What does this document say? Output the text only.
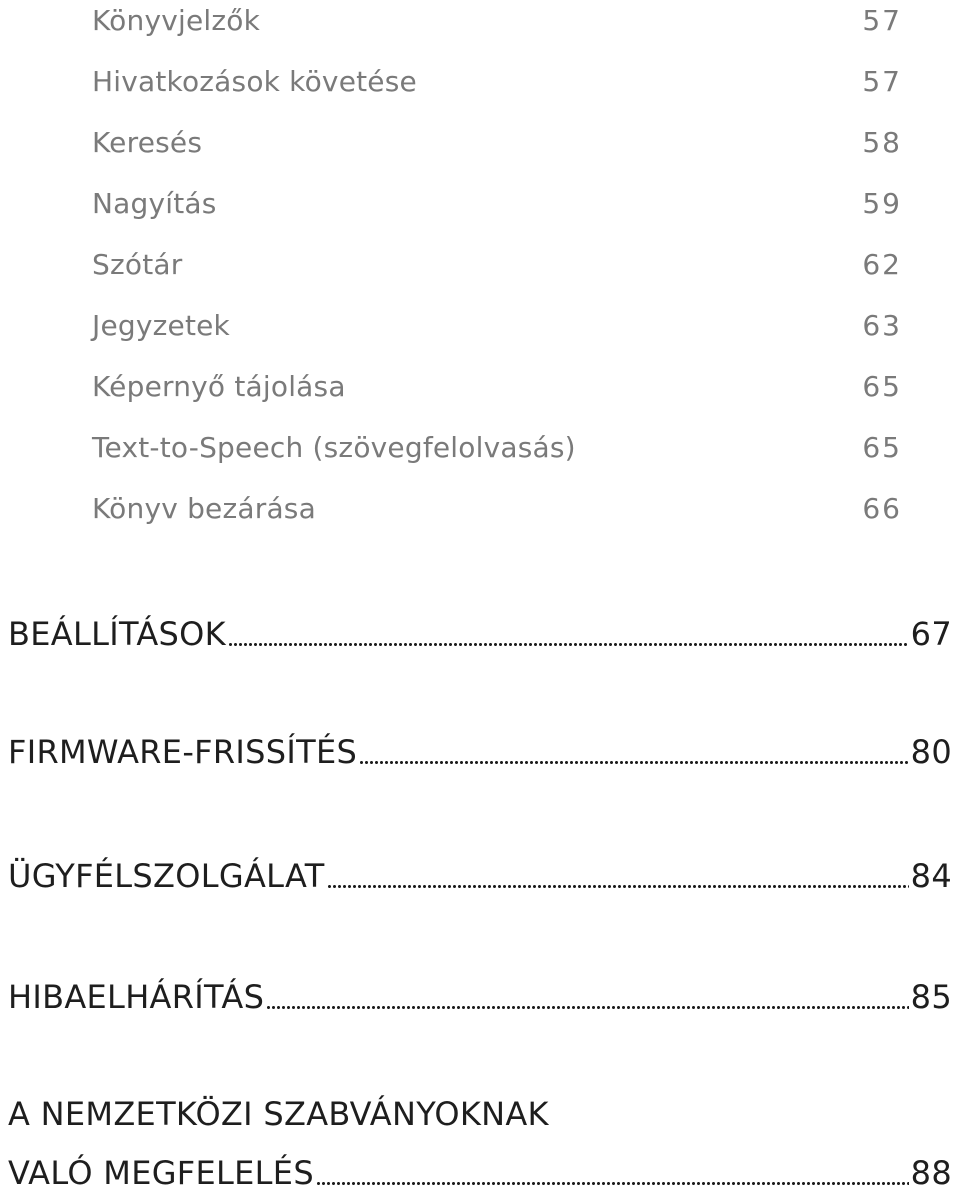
Könyvjelzők	57
Hivatkozások követése	57
Keresés	58
Nagyítás	59
Szótár	62
Jegyzetek	63
Képernyő tájolása	65
Text-to-Speech (szövegfelolvasás)	65
Könyv bezárása	66
BEÁLLÍTÁSOK	67
FIRMWARE-FRISSÍTÉS	80
ÜGYFÉLSZOLGÁLAT	84
HIBAELHÁRÍTÁS	85
A NEMZETKÖZI SZABVÁNYOKNAK
VALÓ MEGFELELÉS	88
